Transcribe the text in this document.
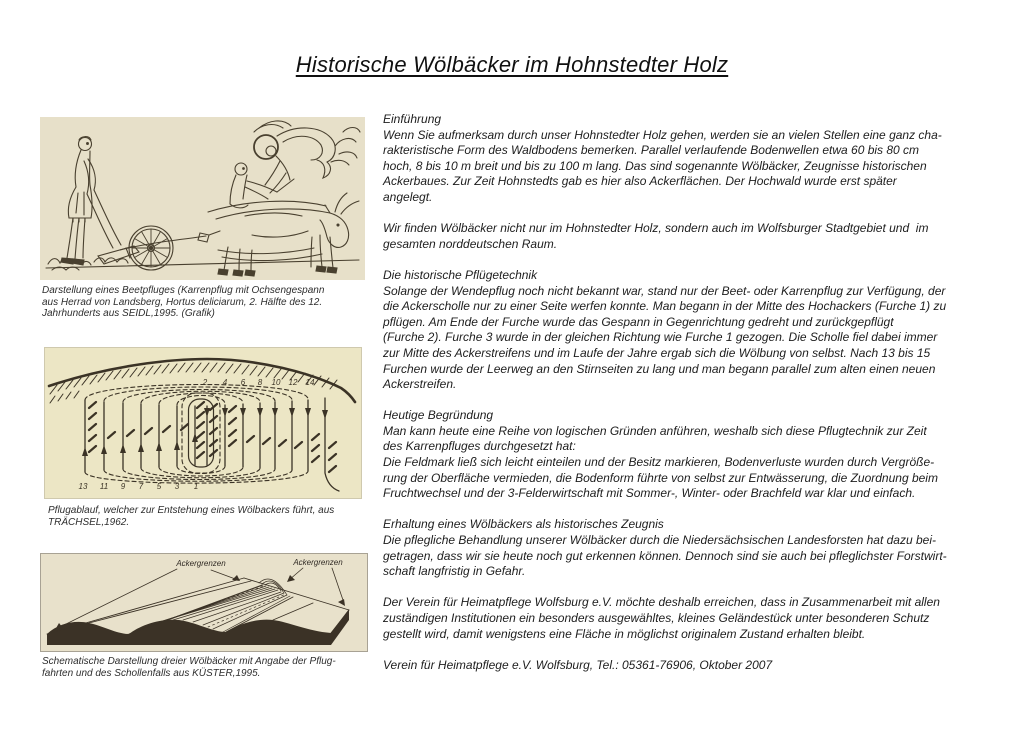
Historische Wölbäcker im Hohnstedter Holz
Darstellung eines Beetpfluges (Karrenpflug mit Ochsengespann
aus Herrad von Landsberg, Hortus deliciarum, 2. Hälfte des 12.
Jahrhunderts aus SEIDL,1995. (Grafik)
2 4 6 8 10 12 14
13 11 9 7 5 3 1
Pflugablauf, welcher zur Entstehung eines Wölbackers führt, aus
TRÄCHSEL,1962.
Ackergrenzen	Ackergrenzen
Schematische Darstellung dreier Wölbäcker mit Angabe der Pflug-
fahrten und des Schollenfalls aus KÜSTER,1995.
Einführung
Wenn Sie aufmerksam durch unser Hohnstedter Holz gehen, werden sie an vielen Stellen eine ganz cha-
rakteristische Form des Waldbodens bemerken. Parallel verlaufende Bodenwellen etwa 60 bis 80 cm
hoch, 8 bis 10 m breit und bis zu 100 m lang. Das sind sogenannte Wölbäcker, Zeugnisse historischen
Ackerbaues. Zur Zeit Hohnstedts gab es hier also Ackerflächen. Der Hochwald wurde erst später
angelegt.
Wir finden Wölbäcker nicht nur im Hohnstedter Holz, sondern auch im Wolfsburger Stadtgebiet und  im
gesamten norddeutschen Raum.
Die historische Pflügetechnik
Solange der Wendepflug noch nicht bekannt war, stand nur der Beet- oder Karrenpflug zur Verfügung, der
die Ackerscholle nur zu einer Seite werfen konnte. Man begann in der Mitte des Hochackers (Furche 1) zu
pflügen. Am Ende der Furche wurde das Gespann in Gegenrichtung gedreht und zurückgepflügt
(Furche 2). Furche 3 wurde in der gleichen Richtung wie Furche 1 gezogen. Die Scholle fiel dabei immer
zur Mitte des Ackerstreifens und im Laufe der Jahre ergab sich die Wölbung von selbst. Nach 13 bis 15
Furchen wurde der Leerweg an den Stirnseiten zu lang und man begann parallel zum alten einen neuen
Ackerstreifen.
Heutige Begründung
Man kann heute eine Reihe von logischen Gründen anführen, weshalb sich diese Pflugtechnik zur Zeit
des Karrenpfluges durchgesetzt hat:
Die Feldmark ließ sich leicht einteilen und der Besitz markieren, Bodenverluste wurden durch Vergröße-
rung der Oberfläche vermieden, die Bodenform führte von selbst zur Entwässerung, die Zuordnung beim
Fruchtwechsel und der 3-Felderwirtschaft mit Sommer-, Winter- oder Brachfeld war klar und einfach.
Erhaltung eines Wölbäckers als historisches Zeugnis
Die pflegliche Behandlung unserer Wölbäcker durch die Niedersächsischen Landesforsten hat dazu bei-
getragen, dass wir sie heute noch gut erkennen können. Dennoch sind sie auch bei pfleglichster Forstwirt-
schaft langfristig in Gefahr.
Der Verein für Heimatpflege Wolfsburg e.V. möchte deshalb erreichen, dass in Zusammenarbeit mit allen
zuständigen Institutionen ein besonders ausgewähltes, kleines Geländestück unter besonderen Schutz
gestellt wird, damit wenigstens eine Fläche in möglichst originalem Zustand erhalten bleibt.
Verein für Heimatpflege e.V. Wolfsburg, Tel.: 05361-76906, Oktober 2007
